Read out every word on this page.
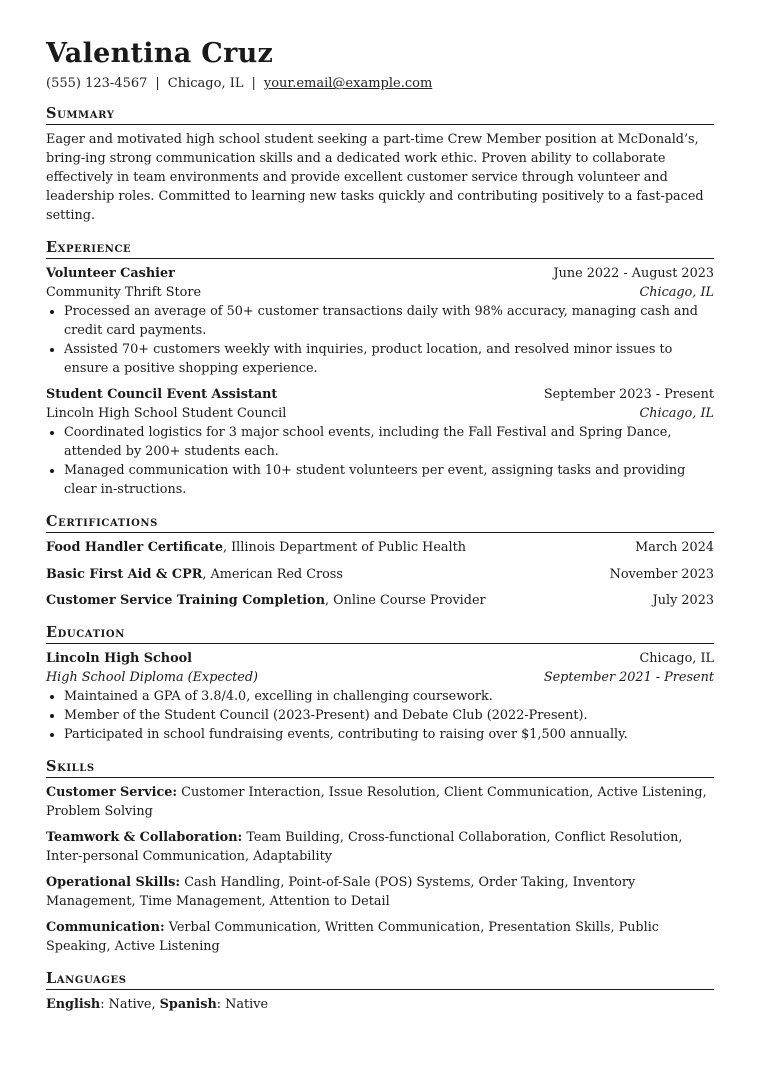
Valentina Cruz
(555) 123-4567 | Chicago, IL | your.email@example.com
Summary

Eager and motivated high school student seeking a part-time Crew Member position at McDonald’s, bring-ing strong communication skills and a dedicated work ethic. Proven ability to collaborate effectively in team environments and provide excellent customer service through volunteer and leadership roles. Committed to learning new tasks quickly and contributing positively to a fast-paced setting.

Experience
Volunteer Cashier	June 2022 - August 2023
Community Thrift Store	Chicago, IL
• Processed an average of 50+ customer transactions daily with 98% accuracy, managing cash and credit card payments.
• Assisted 70+ customers weekly with inquiries, product location, and resolved minor issues to ensure a positive shopping experience.
Student Council Event Assistant	September 2023 - Present
Lincoln High School Student Council	Chicago, IL
• Coordinated logistics for 3 major school events, including the Fall Festival and Spring Dance, attended by 200+ students each.
• Managed communication with 10+ student volunteers per event, assigning tasks and providing clear in-structions.
Certifications
Food Handler Certificate, Illinois Department of Public Health	March 2024
Basic First Aid & CPR, American Red Cross	November 2023
Customer Service Training Completion, Online Course Provider	July 2023
Education
Lincoln High School	Chicago, IL
High School Diploma (Expected)	September 2021 - Present
• Maintained a GPA of 3.8/4.0, excelling in challenging coursework.
• Member of the Student Council (2023-Present) and Debate Club (2022-Present).
• Participated in school fundraising events, contributing to raising over $1,500 annually.
Skills
Customer Service: Customer Interaction, Issue Resolution, Client Communication, Active Listening, Problem Solving
Teamwork & Collaboration: Team Building, Cross-functional Collaboration, Conflict Resolution, Inter-personal Communication, Adaptability
Operational Skills: Cash Handling, Point-of-Sale (POS) Systems, Order Taking, Inventory Management, Time Management, Attention to Detail
Communication: Verbal Communication, Written Communication, Presentation Skills, Public Speaking, Active Listening
Languages
English: Native, Spanish: Native
